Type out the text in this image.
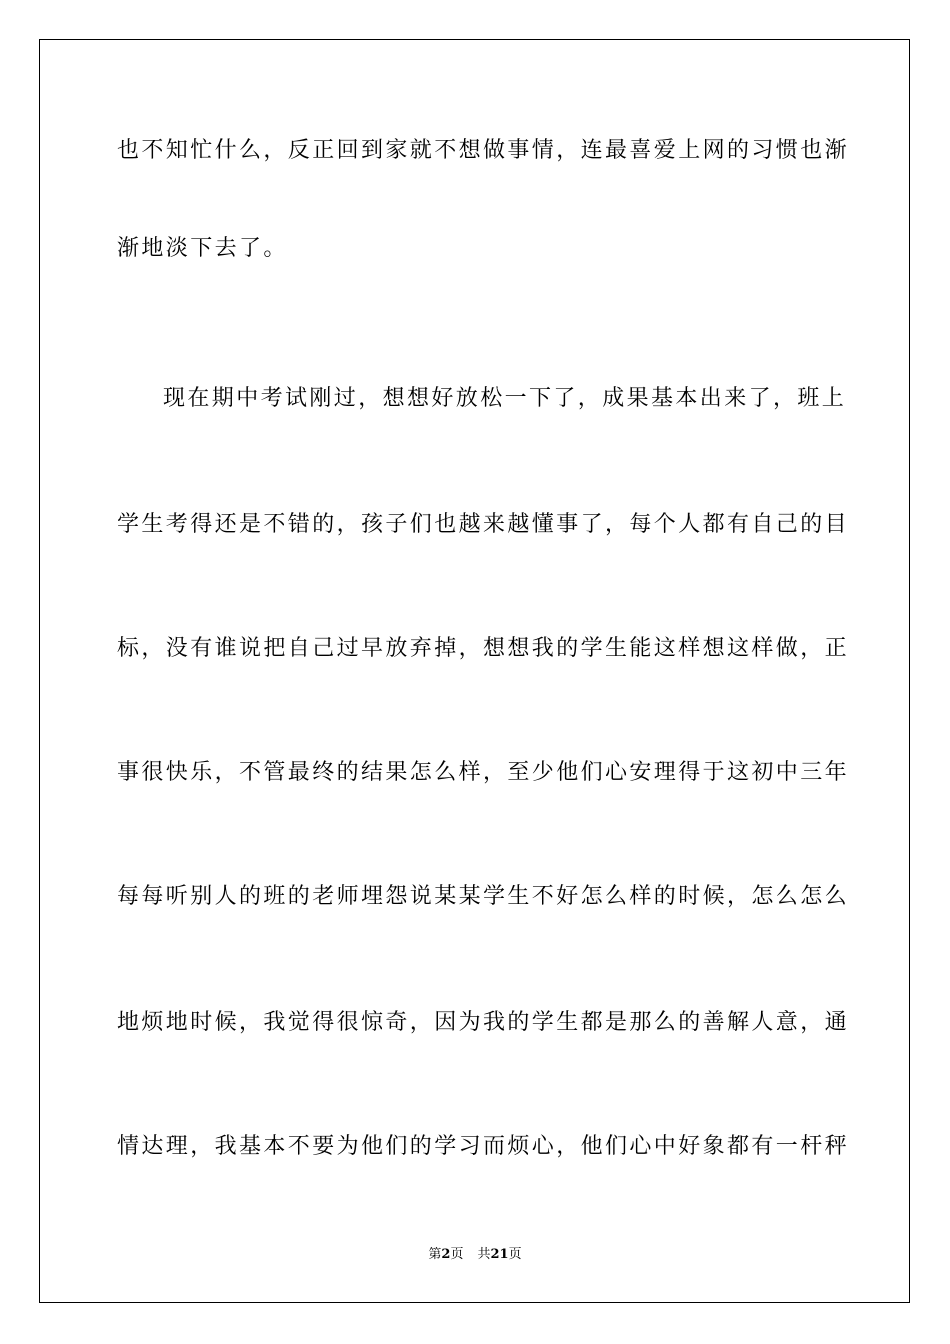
也不知忙什么，反正回到家就不想做事情，连最喜爱上网的习惯也渐
渐地淡下去了。
现在期中考试刚过，想想好放松一下了，成果基本出来了，班上
学生考得还是不错的，孩子们也越来越懂事了，每个人都有自己的目
标，没有谁说把自己过早放弃掉，想想我的学生能这样想这样做，正
事很快乐，不管最终的结果怎么样，至少他们心安理得于这初中三年
每每听别人的班的老师埋怨说某某学生不好怎么样的时候，怎么怎么
地烦地时候，我觉得很惊奇，因为我的学生都是那么的善解人意，通
情达理，我基本不要为他们的学习而烦心，他们心中好象都有一杆秤
第2页 共21页
